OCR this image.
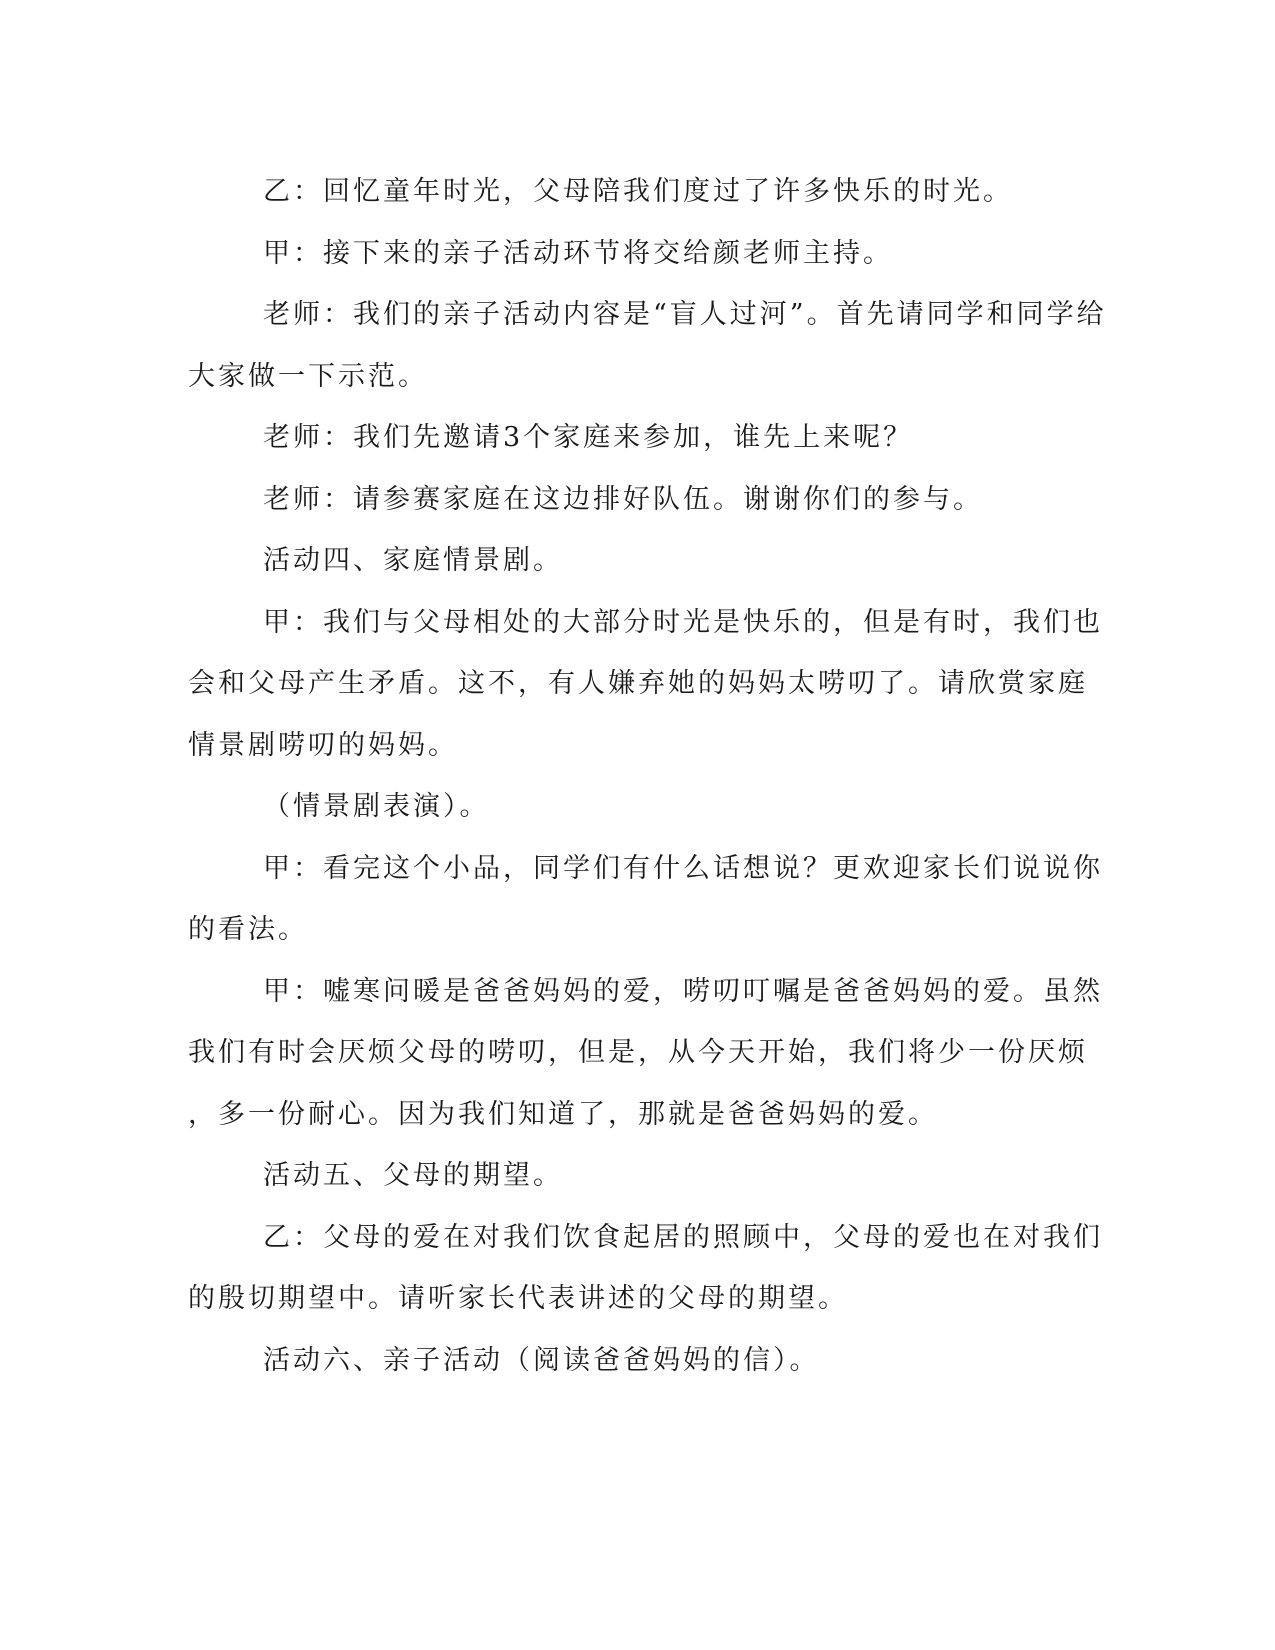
乙：回忆童年时光，父母陪我们度过了许多快乐的时光。
甲：接下来的亲子活动环节将交给颜老师主持。
老师：我们的亲子活动内容是“盲人过河”。首先请同学和同学给
大家做一下示范。
老师：我们先邀请3个家庭来参加，谁先上来呢？
老师：请参赛家庭在这边排好队伍。谢谢你们的参与。
活动四、家庭情景剧。
甲：我们与父母相处的大部分时光是快乐的，但是有时，我们也
会和父母产生矛盾。这不，有人嫌弃她的妈妈太唠叨了。请欣赏家庭
情景剧唠叨的妈妈。
（情景剧表演）。
甲：看完这个小品，同学们有什么话想说？更欢迎家长们说说你
的看法。
甲：嘘寒问暖是爸爸妈妈的爱，唠叨叮嘱是爸爸妈妈的爱。虽然
我们有时会厌烦父母的唠叨，但是，从今天开始，我们将少一份厌烦
，多一份耐心。因为我们知道了，那就是爸爸妈妈的爱。
活动五、父母的期望。
乙：父母的爱在对我们饮食起居的照顾中，父母的爱也在对我们
的殷切期望中。请听家长代表讲述的父母的期望。
活动六、亲子活动（阅读爸爸妈妈的信）。
